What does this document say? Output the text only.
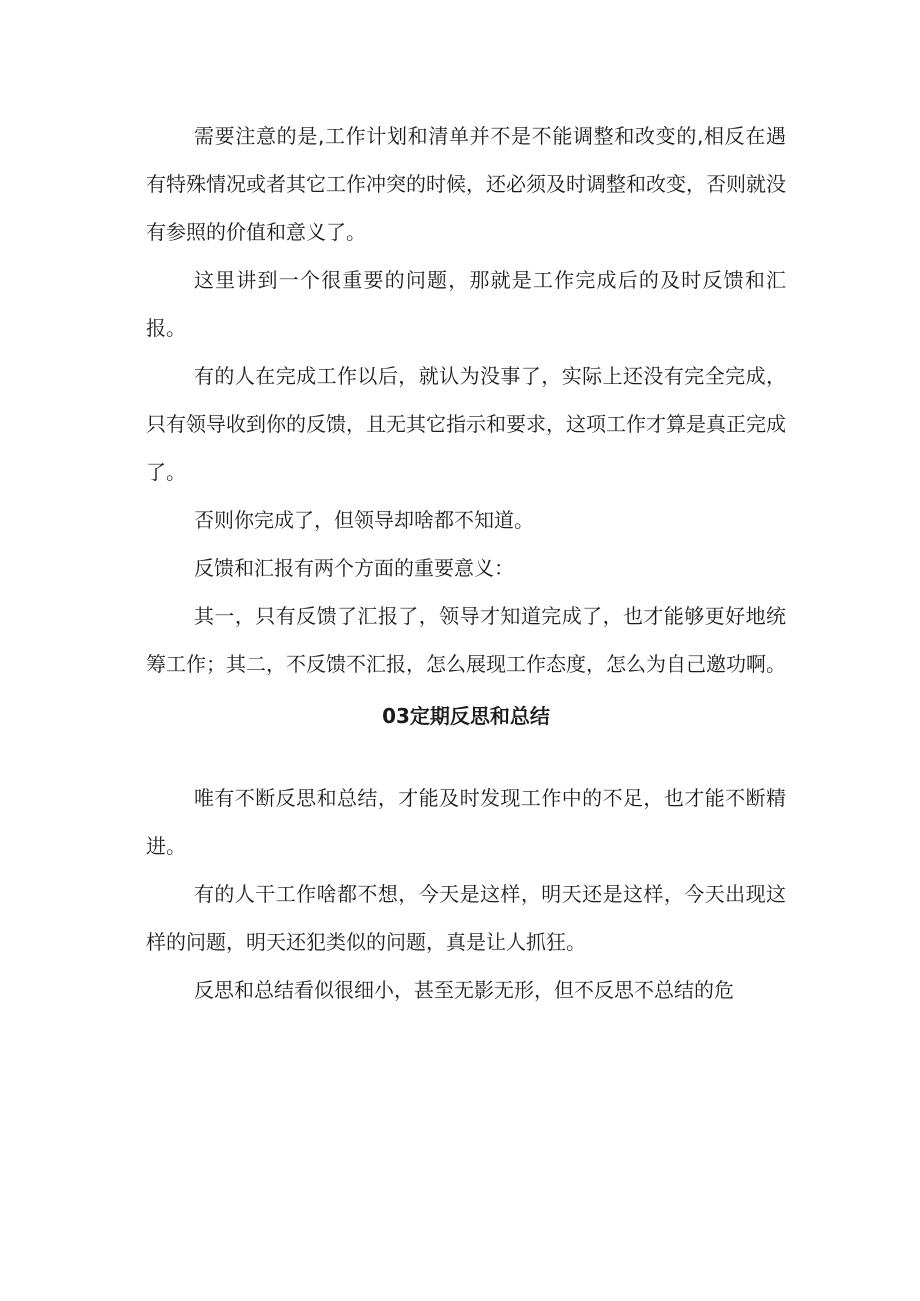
需要注意的是,工作计划和清单并不是不能调整和改变的,相反在遇有特殊情况或者其它工作冲突的时候，还必须及时调整和改变，否则就没有参照的价值和意义了。

这里讲到一个很重要的问题，那就是工作完成后的及时反馈和汇报。

有的人在完成工作以后，就认为没事了，实际上还没有完全完成，只有领导收到你的反馈，且无其它指示和要求，这项工作才算是真正完成了。

否则你完成了，但领导却啥都不知道。

反馈和汇报有两个方面的重要意义：

其一，只有反馈了汇报了，领导才知道完成了，也才能够更好地统筹工作；其二，不反馈不汇报，怎么展现工作态度，怎么为自己邀功啊。

03定期反思和总结

唯有不断反思和总结，才能及时发现工作中的不足，也才能不断精进。

有的人干工作啥都不想，今天是这样，明天还是这样，今天出现这样的问题，明天还犯类似的问题，真是让人抓狂。

反思和总结看似很细小，甚至无影无形，但不反思不总结的危
